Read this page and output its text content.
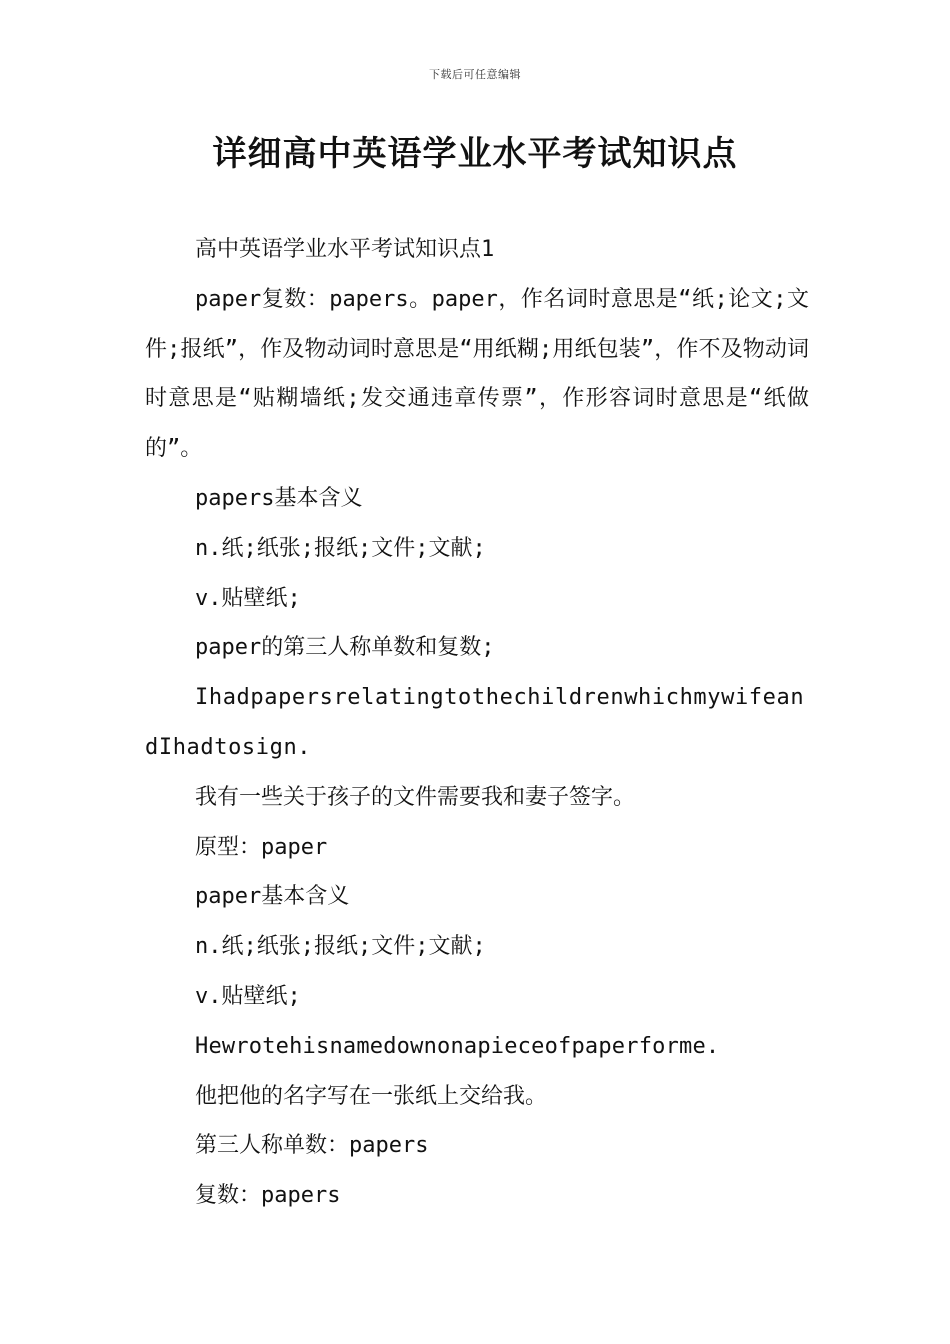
下载后可任意编辑
详细高中英语学业水平考试知识点

高中英语学业水平考试知识点1

paper复数：papers。paper，作名词时意思是“纸;论文;文件;报纸”，作及物动词时意思是“用纸糊;用纸包装”，作不及物动词时意思是“贴糊墙纸;发交通违章传票”，作形容词时意思是“纸做的”。

papers基本含义

n.纸;纸张;报纸;文件;文献;

v.贴壁纸;

paper的第三人称单数和复数;

IhadpapersrelatingtothechildrenwhichmywifeandIhadtosign.

我有一些关于孩子的文件需要我和妻子签字。

原型：paper

paper基本含义

n.纸;纸张;报纸;文件;文献;

v.贴壁纸;

Hewrotehisnamedownonapieceofpaperforme.

他把他的名字写在一张纸上交给我。

第三人称单数：papers

复数：papers
